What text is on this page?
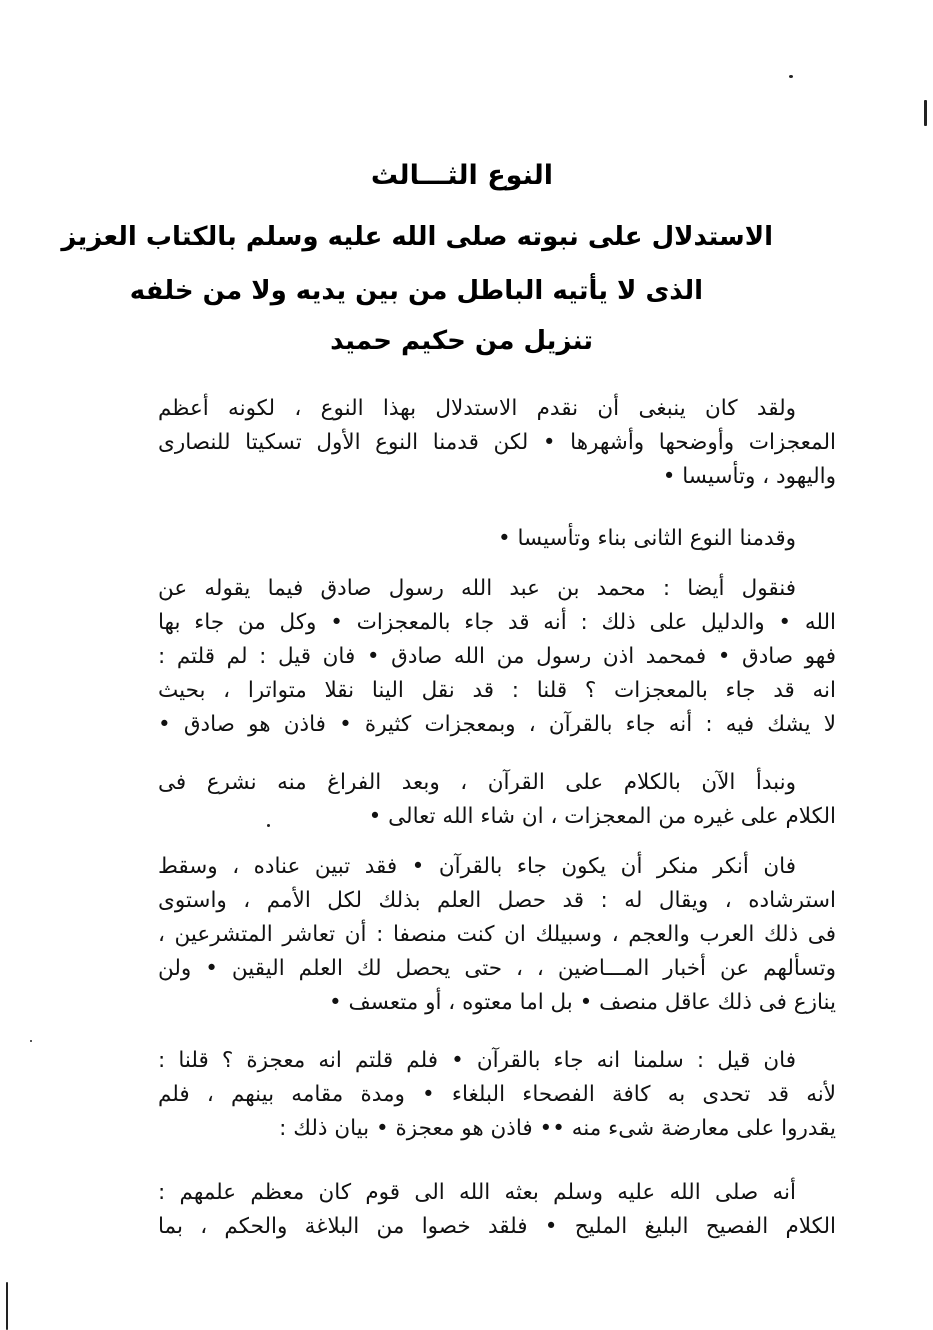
النوع الثـــالث
الاستدلال على نبوته صلى الله عليه وسلم بالكتاب العزيز
الذى لا يأتيه الباطل من بين يديه ولا من خلفه
تنزيل من حكيم حميد
ولقد كان ينبغى أن نقدم الاستدلال بهذا النوع ، لكونه أعظم
المعجزات وأوضحها وأشهرها • لكن قدمنا النوع الأول تسكيتا للنصارى
واليهود ، وتأسيسا •
وقدمنا النوع الثانى بناء وتأسيسا •
فنقول أيضا : محمد بن عبد الله رسول صادق فيما يقوله عن
الله • والدليل على ذلك : أنه قد جاء بالمعجزات • وكل من جاء بها
فهو صادق • فمحمد اذن رسول من الله صادق • فان قيل : لم قلتم :
انه قد جاء بالمعجزات ؟ قلنا : قد نقل الينا نقلا متواترا ، بحيث
لا يشك فيه : أنه جاء بالقرآن ، وبمعجزات كثيرة • فاذن هو صادق •
ونبدأ الآن بالكلام على القرآن ، وبعد الفراغ منه نشرع فى
الكلام على غيره من المعجزات ، ان شاء الله تعالى •
فان أنكر منكر أن يكون جاء بالقرآن • فقد تبين عناده ، وسقط
استرشاده ، ويقال له : قد حصل العلم بذلك لكل الأمم ، واستوى
فى ذلك العرب والعجم ، وسبيلك ان كنت منصفا : أن تعاشر المتشرعين ،
وتسألهم عن أخبار المـــاضين ، ، حتى يحصل لك العلم اليقين • ولن
ينازع فى ذلك عاقل منصف • بل اما معتوه ، أو متعسف •
فان قيل : سلمنا انه جاء بالقرآن • فلم قلتم انه معجزة ؟ قلنا :
لأنه قد تحدى به كافة الفصحاء البلغاء • ومدة مقامه بينهم ، فلم
يقدروا على معارضة شىء منه •• فاذن هو معجزة • بيان ذلك :
أنه صلى الله عليه وسلم بعثه الله الى قوم كان معظم علمهم :
الكلام الفصيح البليغ المليح • فلقد خصوا من البلاغة والحكم ، بما
